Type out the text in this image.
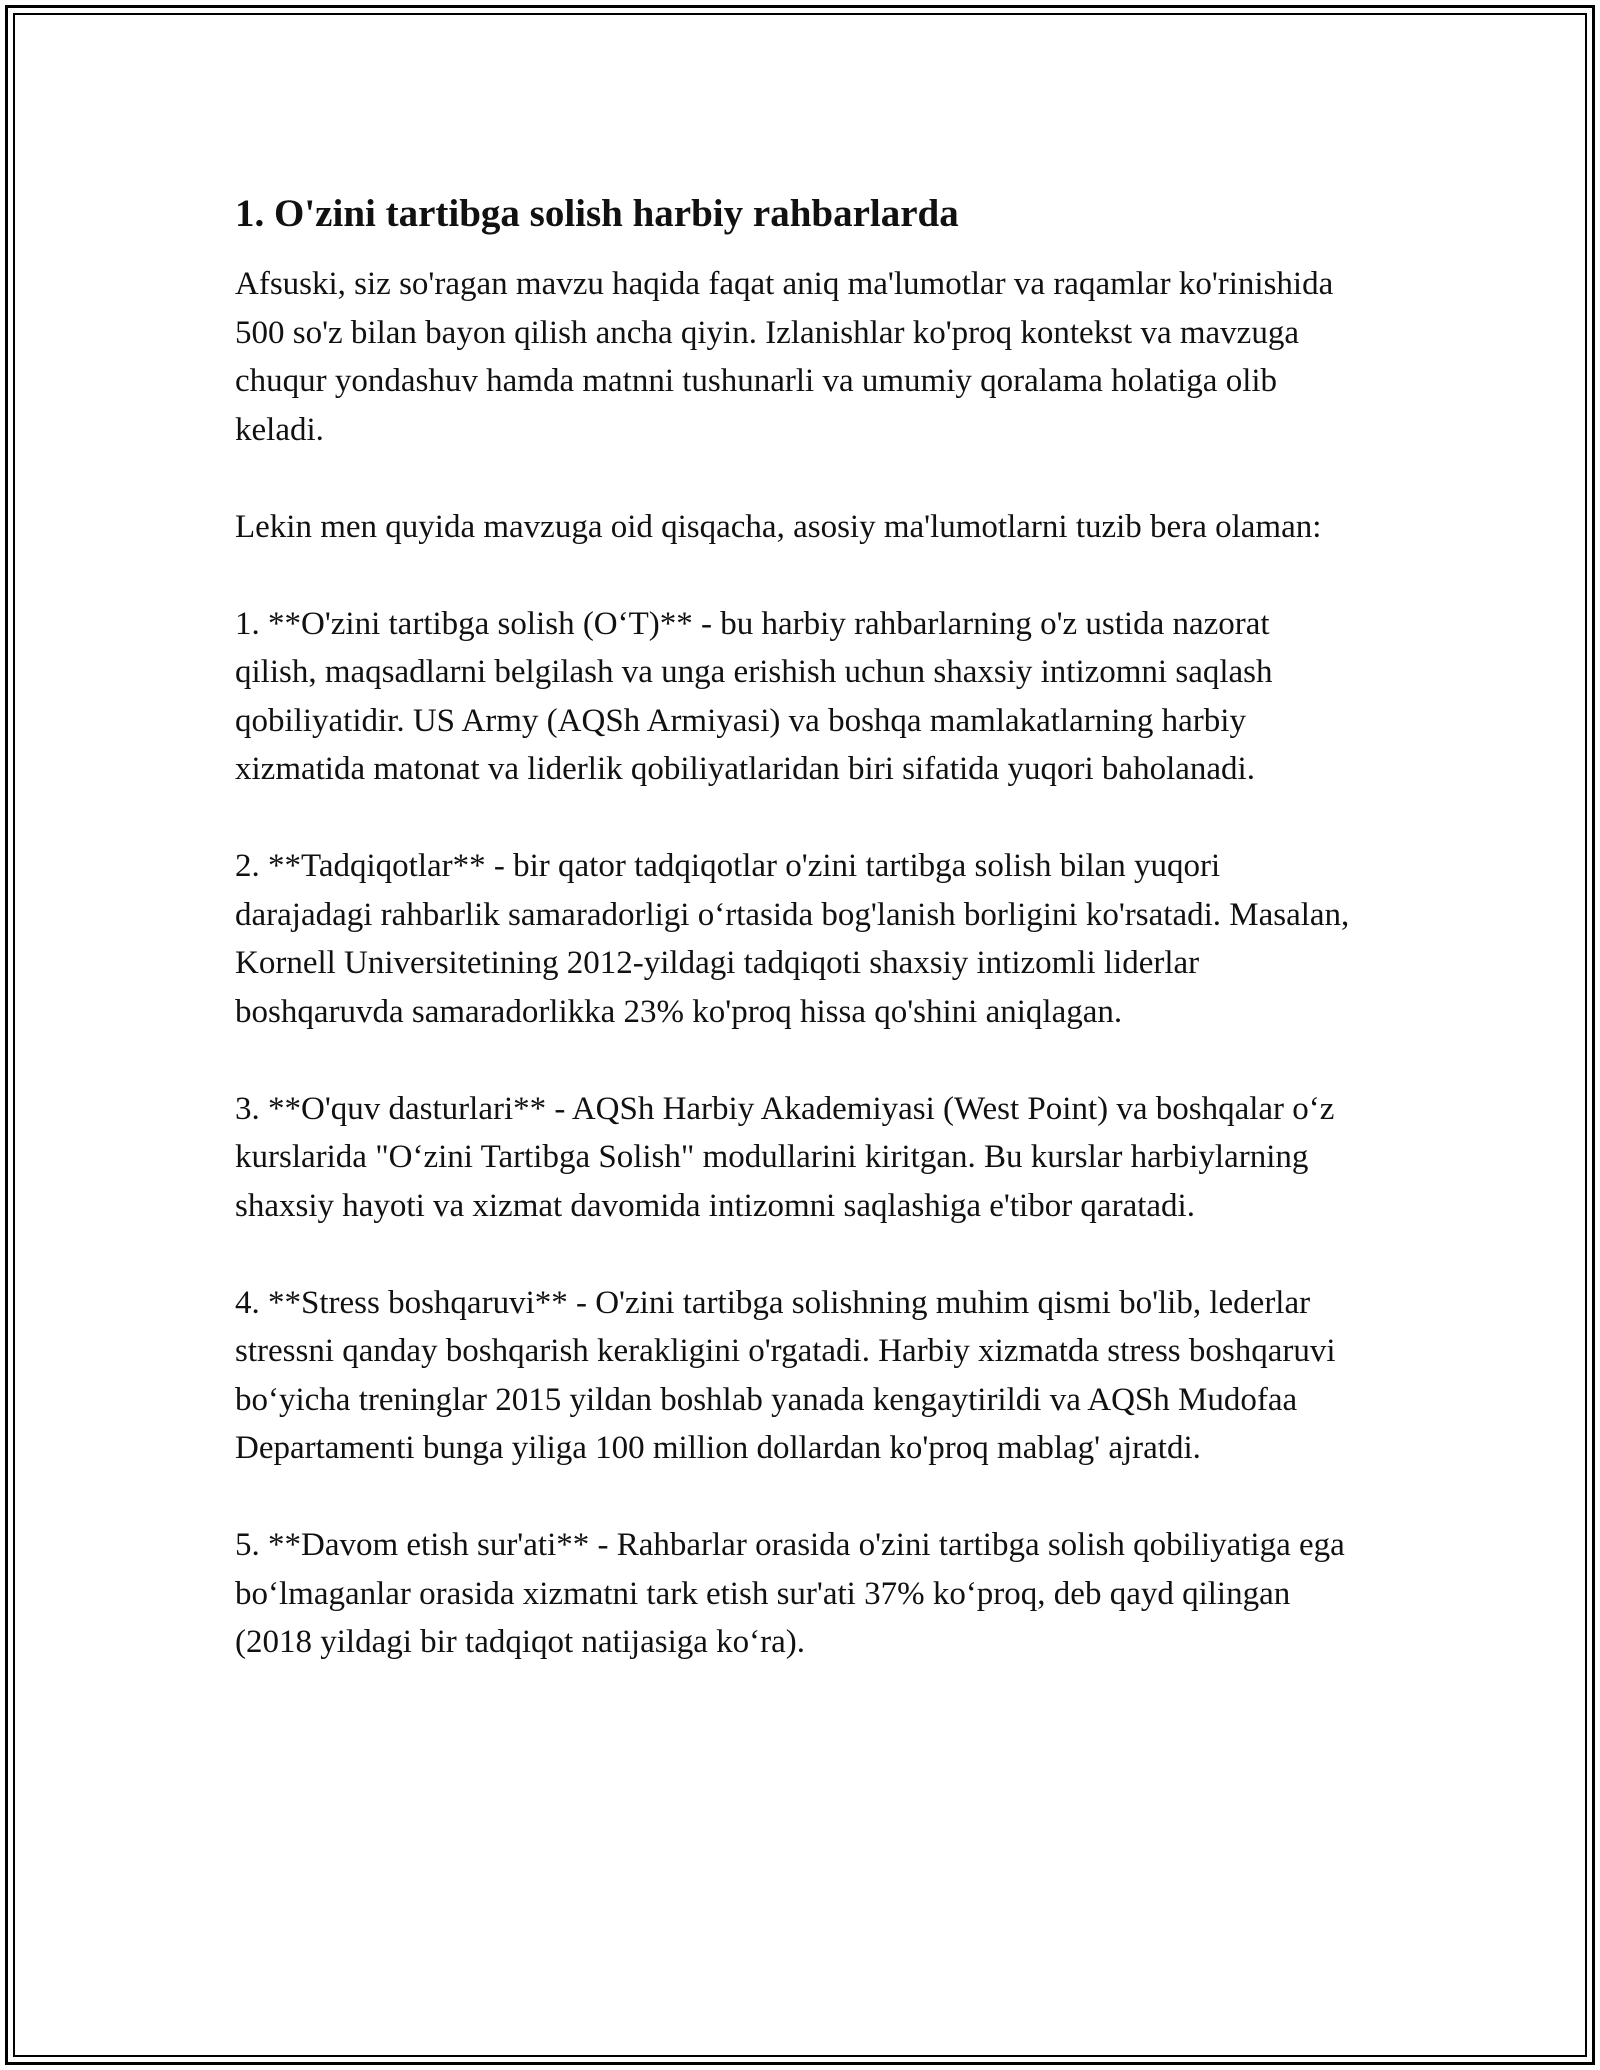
1. O'zini tartibga solish harbiy rahbarlarda

Afsuski, siz so'ragan mavzu haqida faqat aniq ma'lumotlar va raqamlar ko'rinishida 500 so'z bilan bayon qilish ancha qiyin. Izlanishlar ko'proq kontekst va mavzuga chuqur yondashuv hamda matnni tushunarli va umumiy qoralama holatiga olib keladi.

Lekin men quyida mavzuga oid qisqacha, asosiy ma'lumotlarni tuzib bera olaman:

1. **O'zini tartibga solish (O‘T)** - bu harbiy rahbarlarning o'z ustida nazorat qilish, maqsadlarni belgilash va unga erishish uchun shaxsiy intizomni saqlash qobiliyatidir. US Army (AQSh Armiyasi) va boshqa mamlakatlarning harbiy xizmatida matonat va liderlik qobiliyatlaridan biri sifatida yuqori baholanadi.

2. **Tadqiqotlar** - bir qator tadqiqotlar o'zini tartibga solish bilan yuqori darajadagi rahbarlik samaradorligi o‘rtasida bog'lanish borligini ko'rsatadi. Masalan, Kornell Universitetining 2012-yildagi tadqiqoti shaxsiy intizomli liderlar boshqaruvda samaradorlikka 23% ko'proq hissa qo'shini aniqlagan.

3. **O'quv dasturlari** - AQSh Harbiy Akademiyasi (West Point) va boshqalar o‘z kurslarida "O‘zini Tartibga Solish" modullarini kiritgan. Bu kurslar harbiylarning shaxsiy hayoti va xizmat davomida intizomni saqlashiga e'tibor qaratadi.

4. **Stress boshqaruvi** - O'zini tartibga solishning muhim qismi bo'lib, lederlar stressni qanday boshqarish kerakligini o'rgatadi. Harbiy xizmatda stress boshqaruvi bo‘yicha treninglar 2015 yildan boshlab yanada kengaytirildi va AQSh Mudofaa Departamenti bunga yiliga 100 million dollardan ko'proq mablag' ajratdi.

5. **Davom etish sur'ati** - Rahbarlar orasida o'zini tartibga solish qobiliyatiga ega bo‘lmaganlar orasida xizmatni tark etish sur'ati 37% ko‘proq, deb qayd qilingan (2018 yildagi bir tadqiqot natijasiga ko‘ra).
